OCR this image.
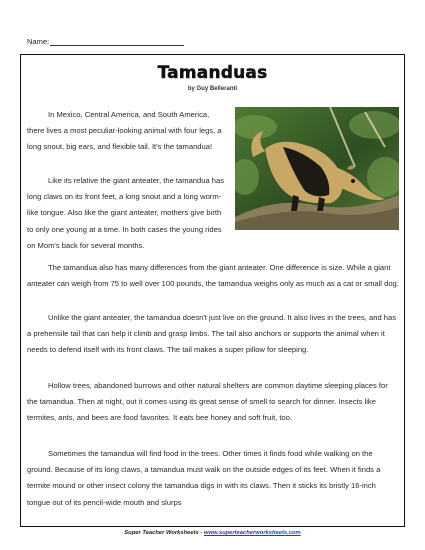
Name:
Tamanduas
by Guy Belleranti

In Mexico, Central America, and South America, there lives a most peculiar-looking animal with four legs, a long snout, big ears, and flexible tail. It's the tamandua!

Like its relative the giant anteater, the tamandua has long claws on its front feet, a long snout and a long worm-like tongue. Also like the giant anteater, mothers give birth to only one young at a time. In both cases the young rides on Mom's back for several months.

The tamandua also has many differences from the giant anteater. One difference is size. While a giant anteater can weigh from 75 to well over 100 pounds, the tamandua weighs only as much as a cat or small dog.

Unlike the giant anteater, the tamandua doesn't just live on the ground. It also lives in the trees, and has a prehensile tail that can help it climb and grasp limbs. The tail also anchors or supports the animal when it needs to defend itself with its front claws. The tail makes a super pillow for sleeping.

Hollow trees, abandoned burrows and other natural shelters are common daytime sleeping places for the tamandua. Then at night, out it comes using its great sense of smell to search for dinner. Insects like termites, ants, and bees are food favorites. It eats bee honey and soft fruit, too.

Sometimes the tamandua will find food in the trees. Other times it finds food while walking on the ground. Because of its long claws, a tamandua must walk on the outside edges of its feet. When it finds a termite mound or other insect colony the tamandua digs in with its claws. Then it sticks its bristly 16-inch tongue out of its pencil-wide mouth and slurps

Super Teacher Worksheets - www.superteacherworksheets.com
